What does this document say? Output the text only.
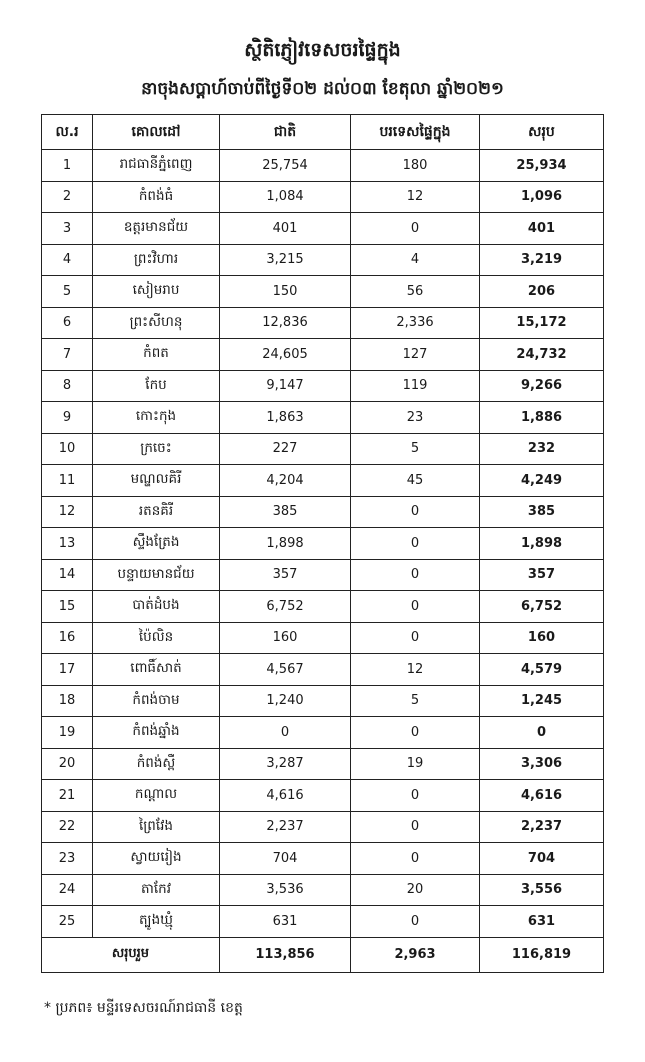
ស្ថិតិភ្ញៀវទេសចរផ្ទៃក្នុង
នាចុងសប្តាហ៍ចាប់ពីថ្ងៃទី០២ ដល់០៣ ខែតុលា ឆ្នាំ២០២១
ល.រ	គោលដៅ	ជាតិ	បរទេសផ្ទៃក្នុង	សរុប
1	រាជធានីភ្នំពេញ	25,754	180	25,934
2	កំពង់ធំ	1,084	12	1,096
3	ឧត្តរមានជ័យ	401	0	401
4	ព្រះវិហារ	3,215	4	3,219
5	សៀមរាប	150	56	206
6	ព្រះសីហនុ	12,836	2,336	15,172
7	កំពត	24,605	127	24,732
8	កែប	9,147	119	9,266
9	កោះកុង	1,863	23	1,886
10	ក្រចេះ	227	5	232
11	មណ្ឌលគិរី	4,204	45	4,249
12	រតនគិរី	385	0	385
13	ស្ទឹងត្រែង	1,898	0	1,898
14	បន្ទាយមានជ័យ	357	0	357
15	បាត់ដំបង	6,752	0	6,752
16	ប៉ៃលិន	160	0	160
17	ពោធិ៍សាត់	4,567	12	4,579
18	កំពង់ចាម	1,240	5	1,245
19	កំពង់ឆ្នាំង	0	0	0
20	កំពង់ស្ពឺ	3,287	19	3,306
21	កណ្តាល	4,616	0	4,616
22	ព្រៃវែង	2,237	0	2,237
23	ស្វាយរៀង	704	0	704
24	តាកែវ	3,536	20	3,556
25	ត្បូងឃ្មុំ	631	0	631
សរុបរួម		113,856	2,963	116,819
* ប្រភព៖ មន្ទីរទេសចរណ៍រាជធានី ខេត្ត
